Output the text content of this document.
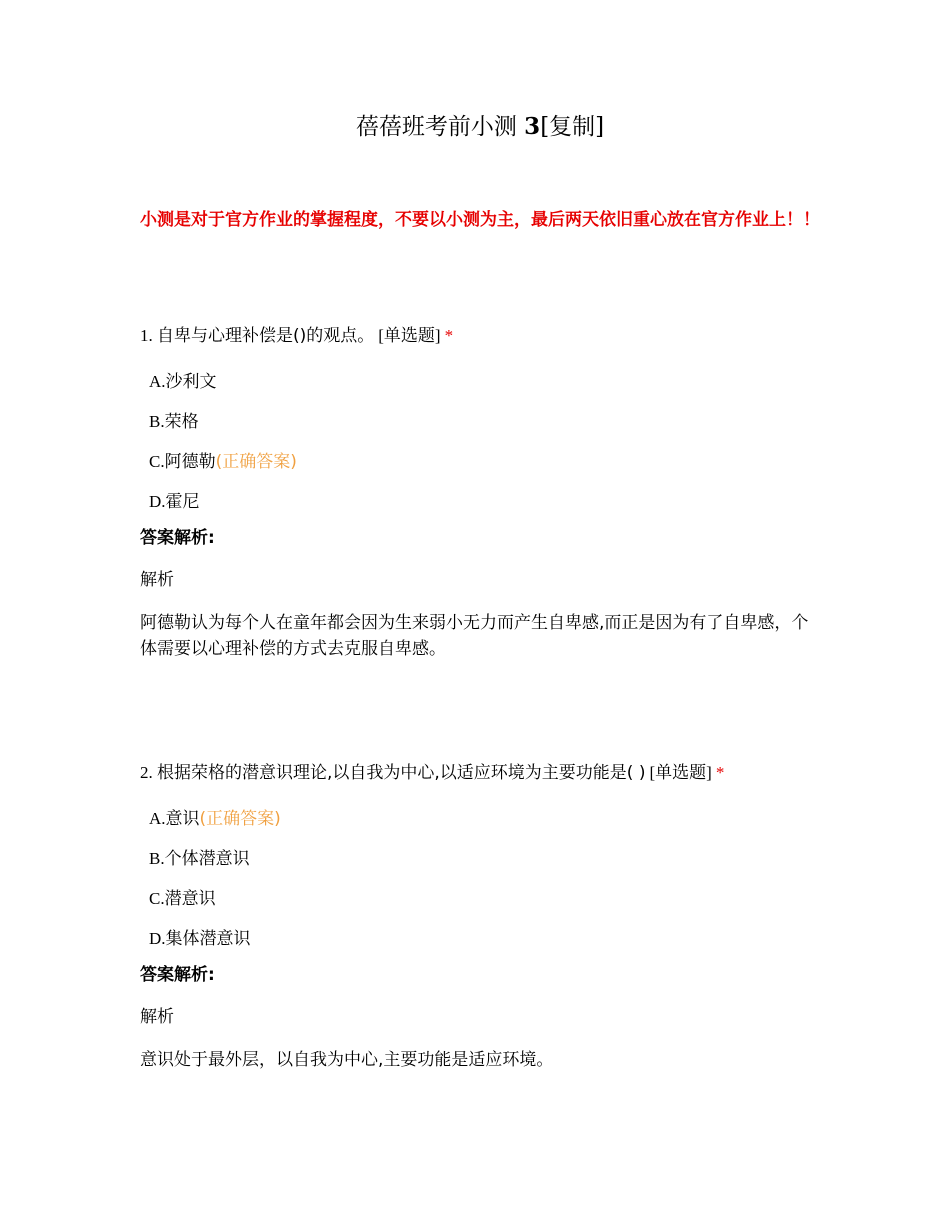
蓓蓓班考前小测 3[复制]
小测是对于官方作业的掌握程度，不要以小测为主，最后两天依旧重心放在官方作业上！！
1. 自卑与心理补偿是()的观点。 [单选题] *
A.沙利文
B.荣格
C.阿德勒(正确答案)
D.霍尼
答案解析:
解析
阿德勒认为每个人在童年都会因为生来弱小无力而产生自卑感,而正是因为有了自卑感，个体需要以心理补偿的方式去克服自卑感。
2. 根据荣格的潜意识理论,以自我为中心,以适应环境为主要功能是( ) [单选题] *
A.意识(正确答案)
B.个体潜意识
C.潜意识
D.集体潜意识
答案解析:
解析
意识处于最外层，以自我为中心,主要功能是适应环境。
